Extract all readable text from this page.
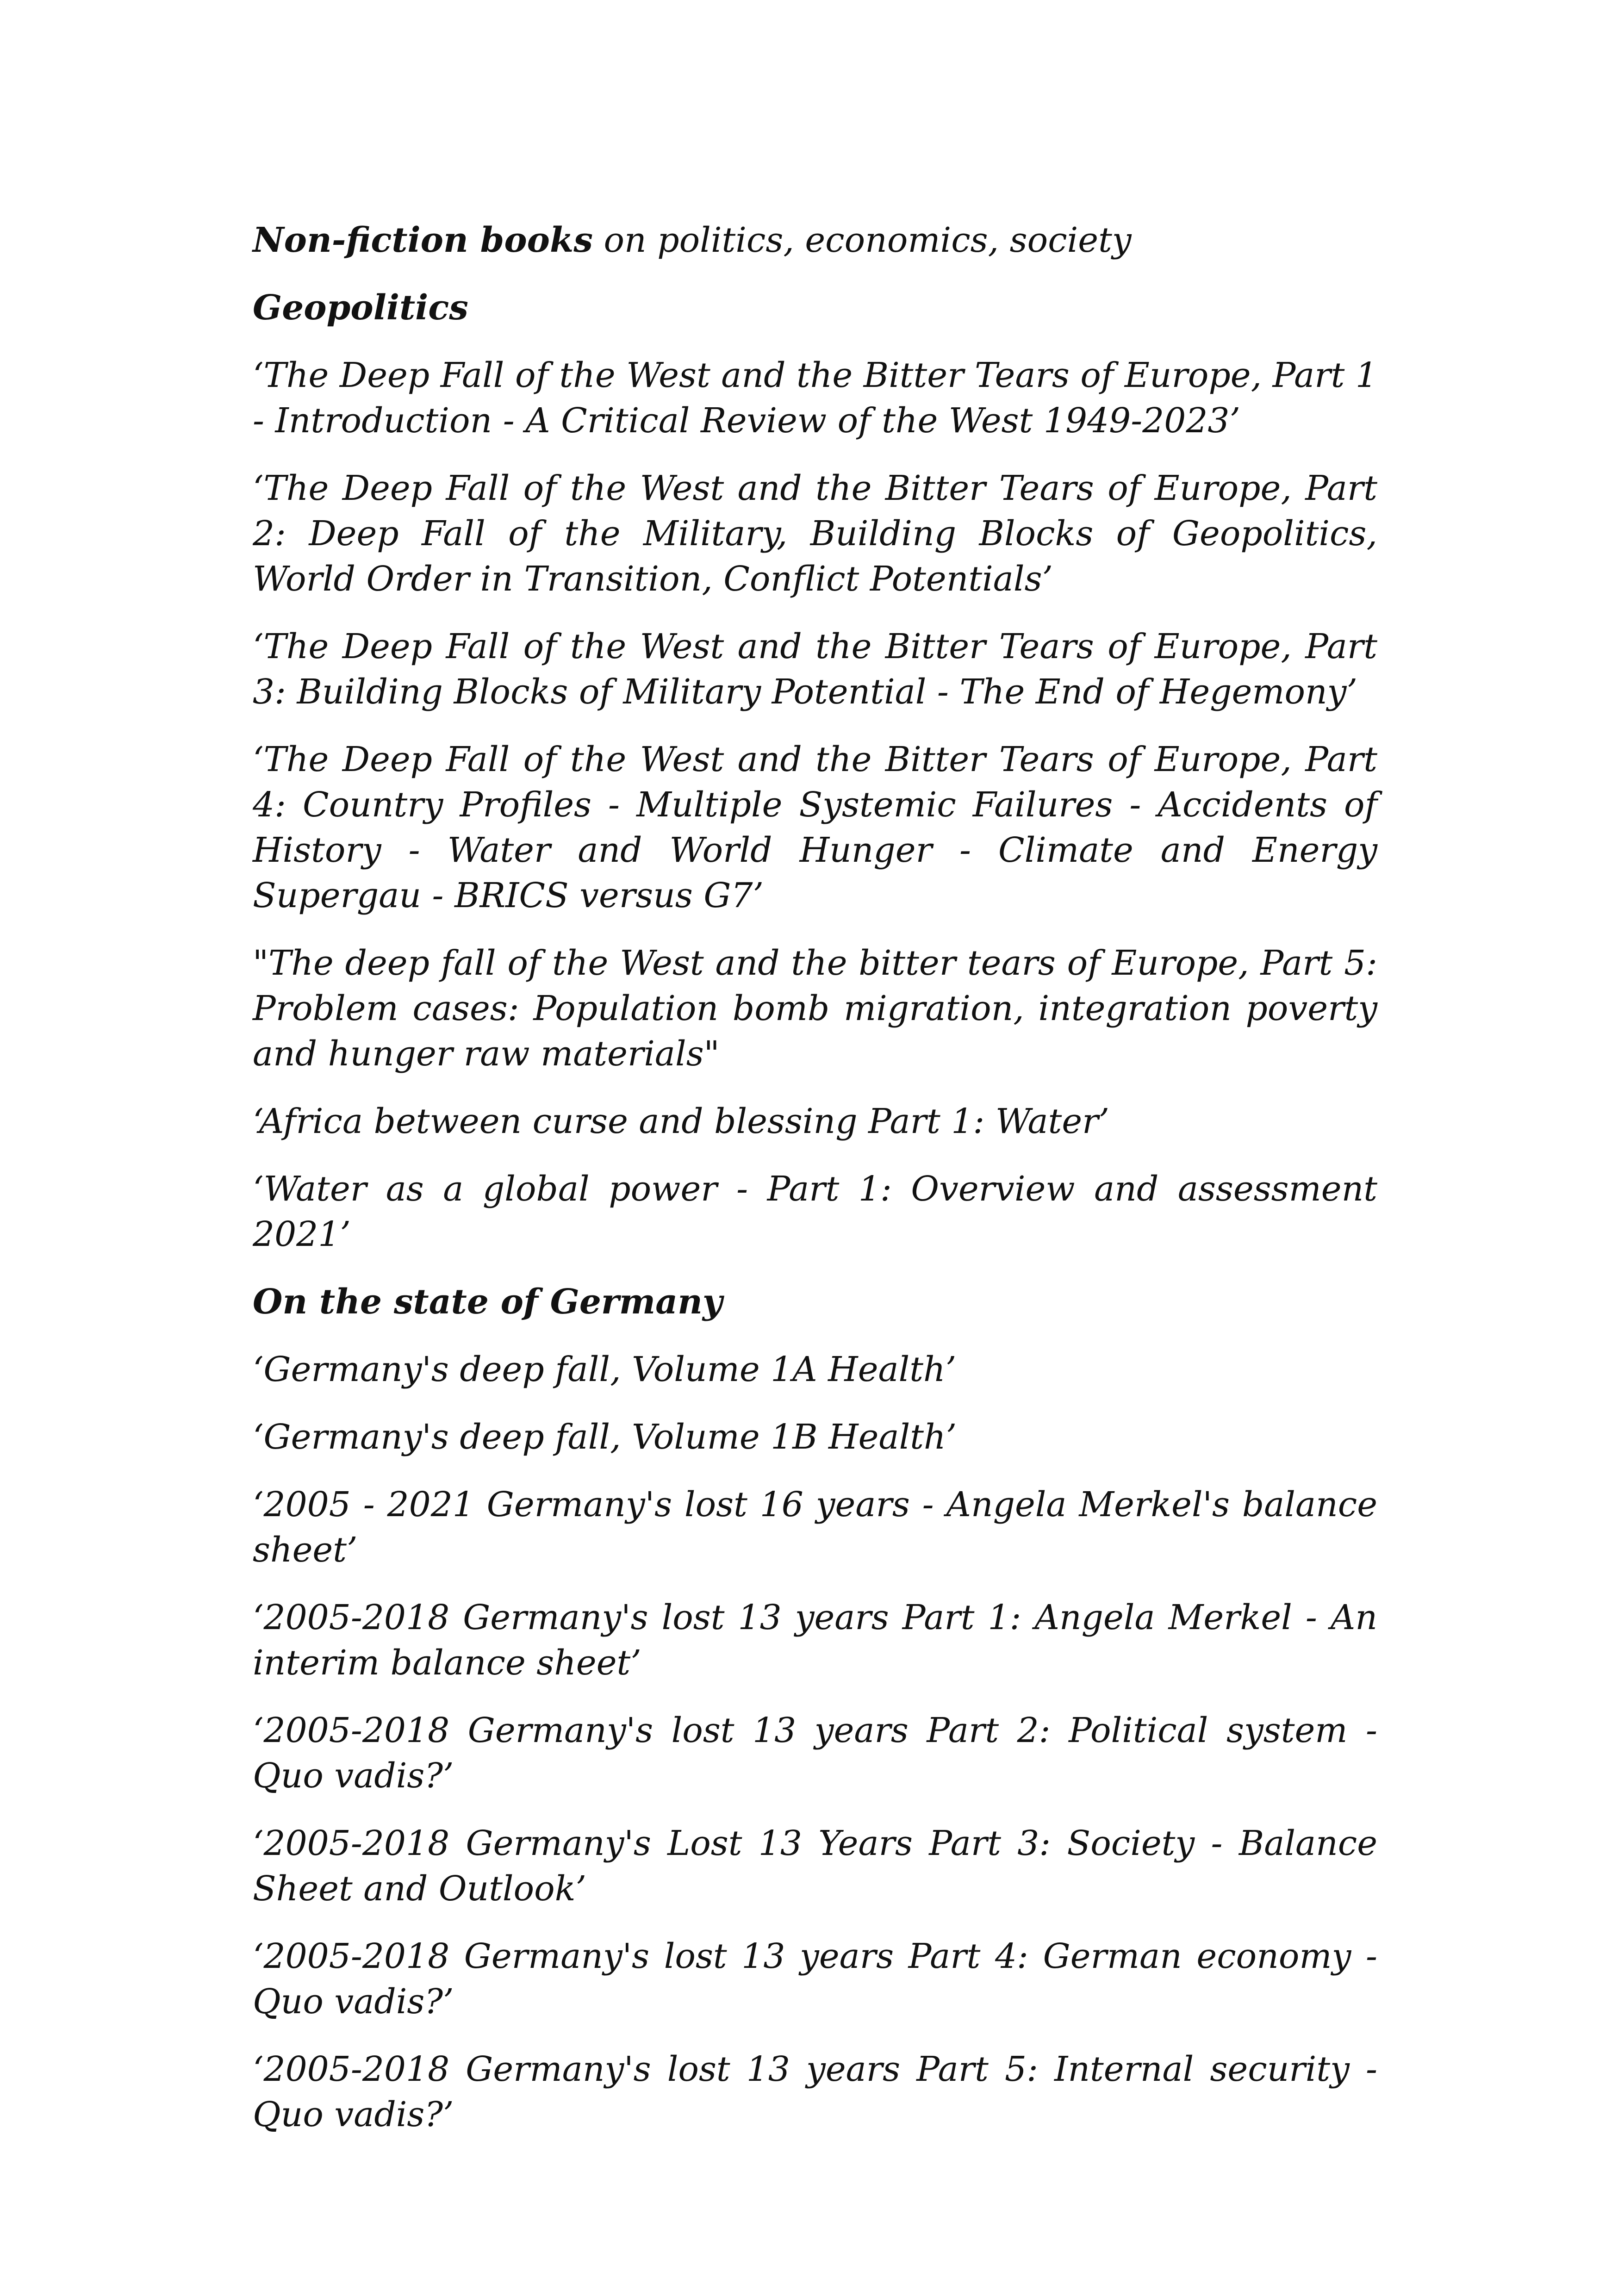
Non-fiction books on politics, economics, society

Geopolitics

‘The Deep Fall of the West and the Bitter Tears of Europe, Part 1 - Introduction - A Critical Review of the West 1949-2023’

‘The Deep Fall of the West and the Bitter Tears of Europe, Part 2: Deep Fall of the Military, Building Blocks of Geopolitics, World Order in Transition, Conflict Potentials’

‘The Deep Fall of the West and the Bitter Tears of Europe, Part 3: Building Blocks of Military Potential - The End of Hegemony’

‘The Deep Fall of the West and the Bitter Tears of Europe, Part 4: Country Profiles - Multiple Systemic Failures - Accidents of History - Water and World Hunger - Climate and Energy Supergau - BRICS versus G7’

"The deep fall of the West and the bitter tears of Europe, Part 5: Problem cases: Population bomb migration, integration poverty and hunger raw materials"

‘Africa between curse and blessing Part 1: Water’

‘Water as a global power - Part 1: Overview and assessment 2021’

On the state of Germany

‘Germany's deep fall, Volume 1A Health’

‘Germany's deep fall, Volume 1B Health’

‘2005 - 2021 Germany's lost 16 years - Angela Merkel's balance sheet’

‘2005-2018 Germany's lost 13 years Part 1: Angela Merkel - An interim balance sheet’

‘2005-2018 Germany's lost 13 years Part 2: Political system - Quo vadis?’

‘2005-2018 Germany's Lost 13 Years Part 3: Society - Balance Sheet and Outlook’

‘2005-2018 Germany's lost 13 years Part 4: German economy - Quo vadis?’

‘2005-2018 Germany's lost 13 years Part 5: Internal security - Quo vadis?’
